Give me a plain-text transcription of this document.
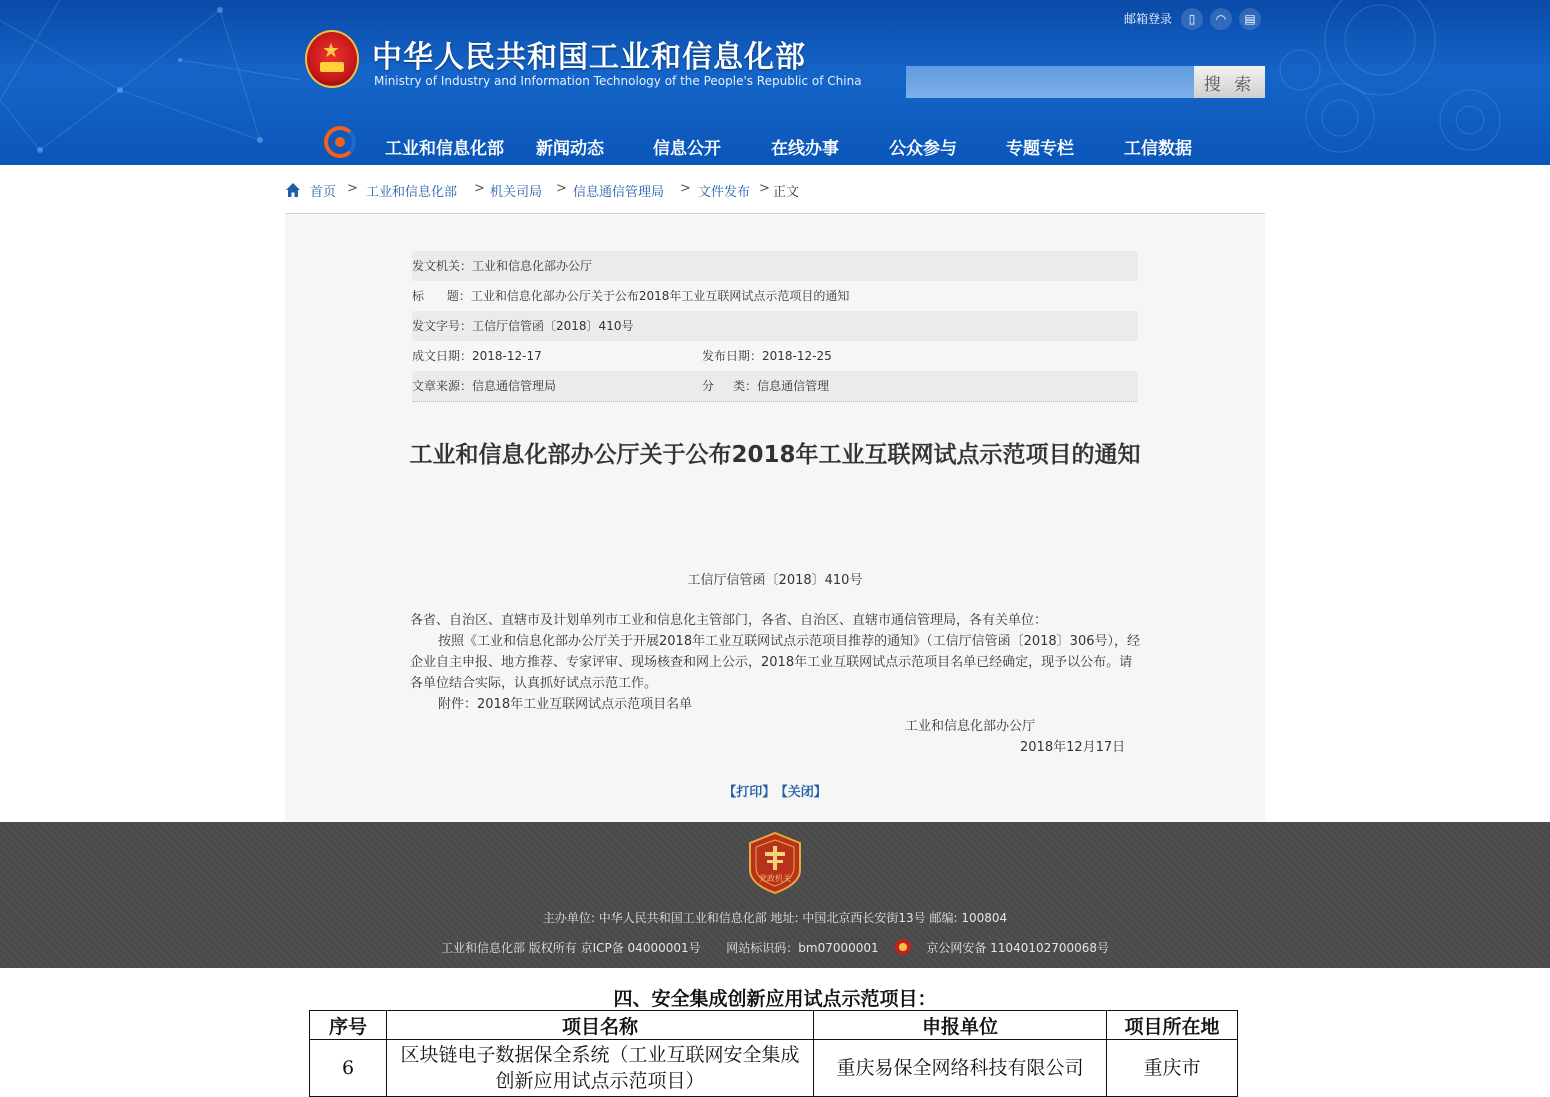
★ 中华人民共和国工业和信息化部
Ministry of Industry and Information Technology of the People's Republic of China
邮箱登录	▯	◠	▤
搜 索
工业和信息化部 新闻动态	信息公开	在线办事	公众参与	专题专栏	工信数据
首页 > 工业和信息化部 > 机关司局 > 信息通信管理局 > 文件发布 > 正文
发文机关：工业和信息化部办公厅
标      题：工业和信息化部办公厅关于公布2018年工业互联网试点示范项目的通知
发文字号：工信厅信管函〔2018〕410号
成文日期：2018-12-17	发布日期：2018-12-25
文章来源：信息通信管理局	分     类：信息通信管理
工业和信息化部办公厅关于公布2018年工业互联网试点示范项目的通知
工信厅信管函〔2018〕410号

各省、自治区、直辖市及计划单列市工业和信息化主管部门，各省、自治区、直辖市通信管理局，各有关单位：

按照《工业和信息化部办公厅关于开展2018年工业互联网试点示范项目推荐的通知》（工信厅信管函〔2018〕306号），经企业自主申报、地方推荐、专家评审、现场核查和网上公示，2018年工业互联网试点示范项目名单已经确定，现予以公布。请各单位结合实际，认真抓好试点示范工作。

附件：2018年工业互联网试点示范项目名单

工业和信息化部办公厅
2018年12月17日
【打印】 【关闭】
党政机关
主办单位: 中华人民共和国工业和信息化部 地址: 中国北京西长安街13号 邮编: 100804
工业和信息化部 版权所有 京ICP备 04000001号 网站标识码：bm07000001	京公网安备 11040102700068号
四、安全集成创新应用试点示范项目：
序号	项目名称	申报单位	项目所在地
6	区块链电子数据保全系统（工业互联网安全集成创新应用试点示范项目）	重庆易保全网络科技有限公司	重庆市
